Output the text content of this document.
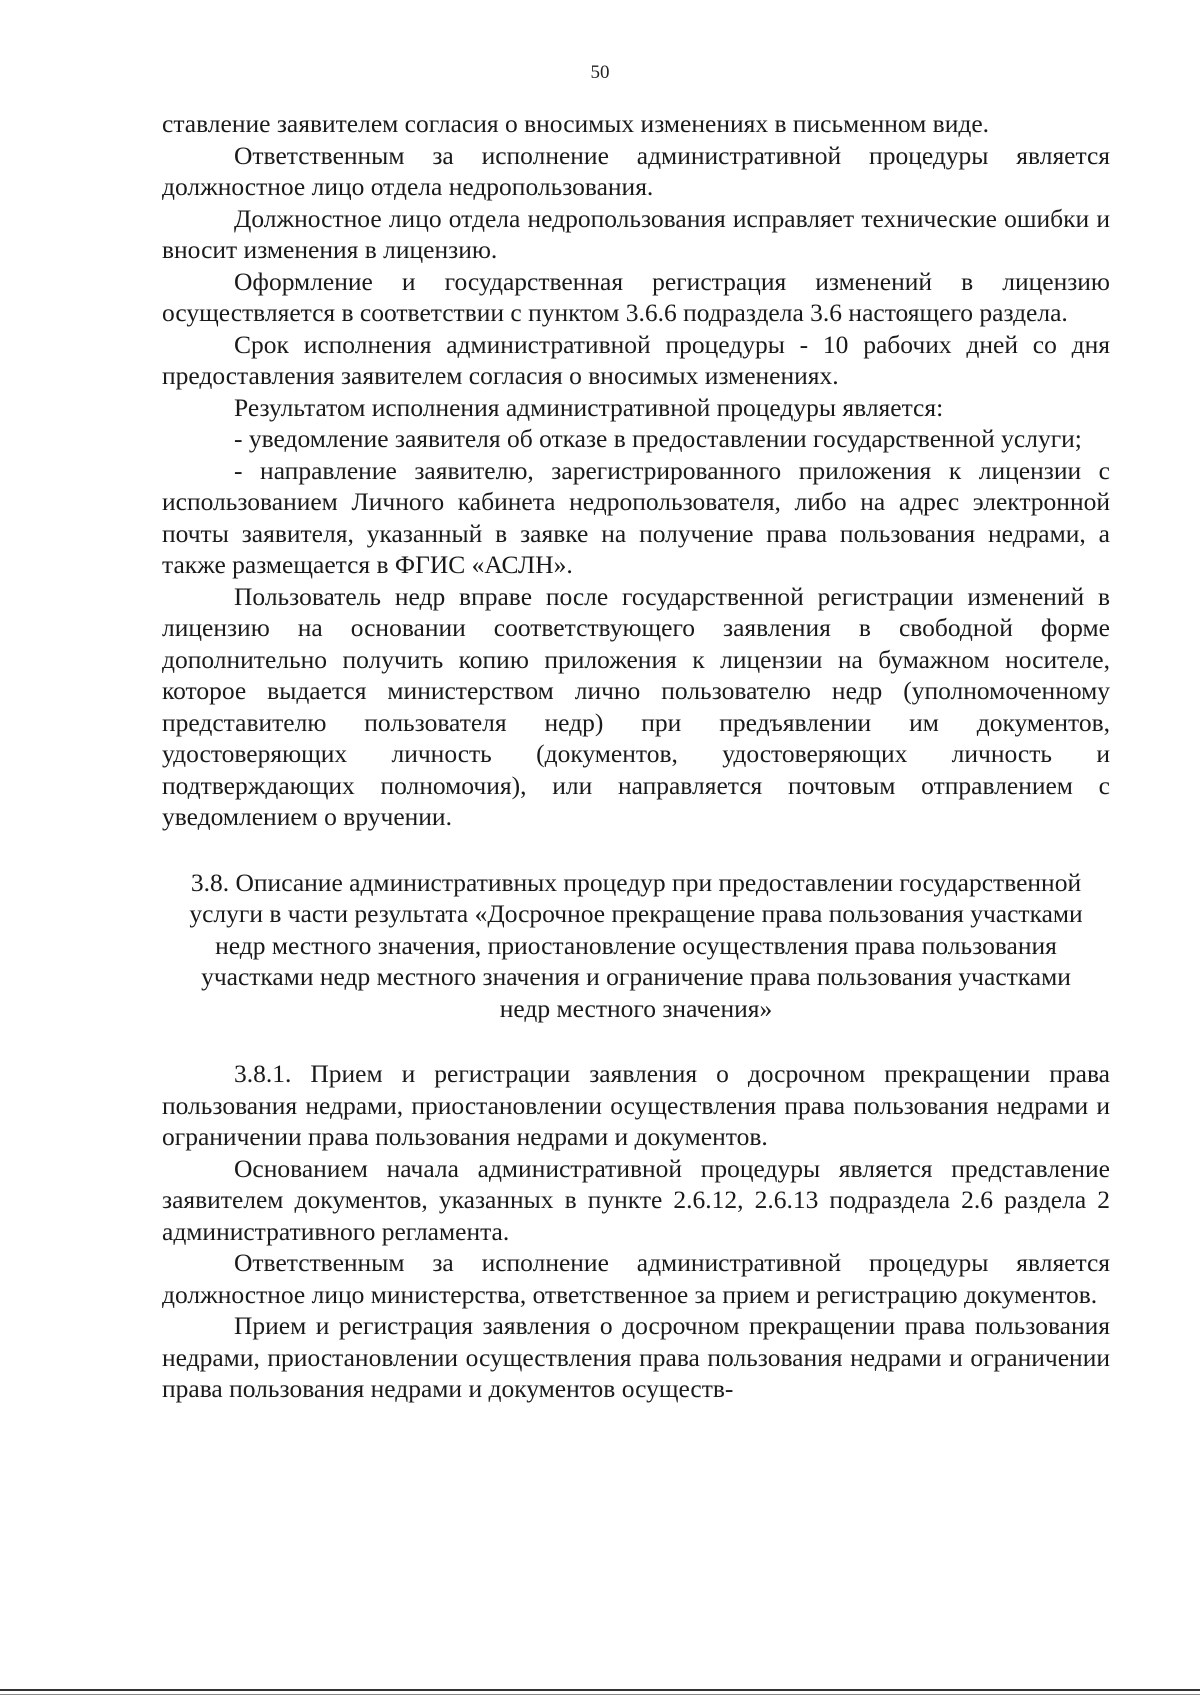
50

ставление заявителем согласия о вносимых изменениях в письменном виде.

Ответственным за исполнение административной процедуры является должностное лицо отдела недропользования.

Должностное лицо отдела недропользования исправляет технические ошибки и вносит изменения в лицензию.

Оформление и государственная регистрация изменений в лицензию осуществляется в соответствии с пунктом 3.6.6 подраздела 3.6 настоящего раздела.

Срок исполнения административной процедуры - 10 рабочих дней со дня предоставления заявителем согласия о вносимых изменениях.

Результатом исполнения административной процедуры является:

- уведомление заявителя об отказе в предоставлении государственной услуги;

- направление заявителю, зарегистрированного приложения к лицензии с использованием Личного кабинета недропользователя, либо на адрес электронной почты заявителя, указанный в заявке на получение права пользования недрами, а также размещается в ФГИС «АСЛН».

Пользователь недр вправе после государственной регистрации изменений в лицензию на основании соответствующего заявления в свободной форме дополнительно получить копию приложения к лицензии на бумажном носителе, которое выдается министерством лично пользователю недр (уполномоченному представителю пользователя недр) при предъявлении им документов, удостоверяющих личность (документов, удостоверяющих личность и подтверждающих полномочия), или направляется почтовым отправлением с уведомлением о вручении.

3.8. Описание административных процедур при предоставлении государственной услуги в части результата «Досрочное прекращение права пользования участками недр местного значения, приостановление осуществления права пользования участками недр местного значения и ограничение права пользования участками недр местного значения»

3.8.1. Прием и регистрации заявления о досрочном прекращении права пользования недрами, приостановлении осуществления права пользования недрами и ограничении права пользования недрами и документов.

Основанием начала административной процедуры является представление заявителем документов, указанных в пункте 2.6.12, 2.6.13 подраздела 2.6 раздела 2 административного регламента.

Ответственным за исполнение административной процедуры является должностное лицо министерства, ответственное за прием и регистрацию документов.

Прием и регистрация заявления о досрочном прекращении права пользования недрами, приостановлении осуществления права пользования недрами и ограничении права пользования недрами и документов осуществ-
